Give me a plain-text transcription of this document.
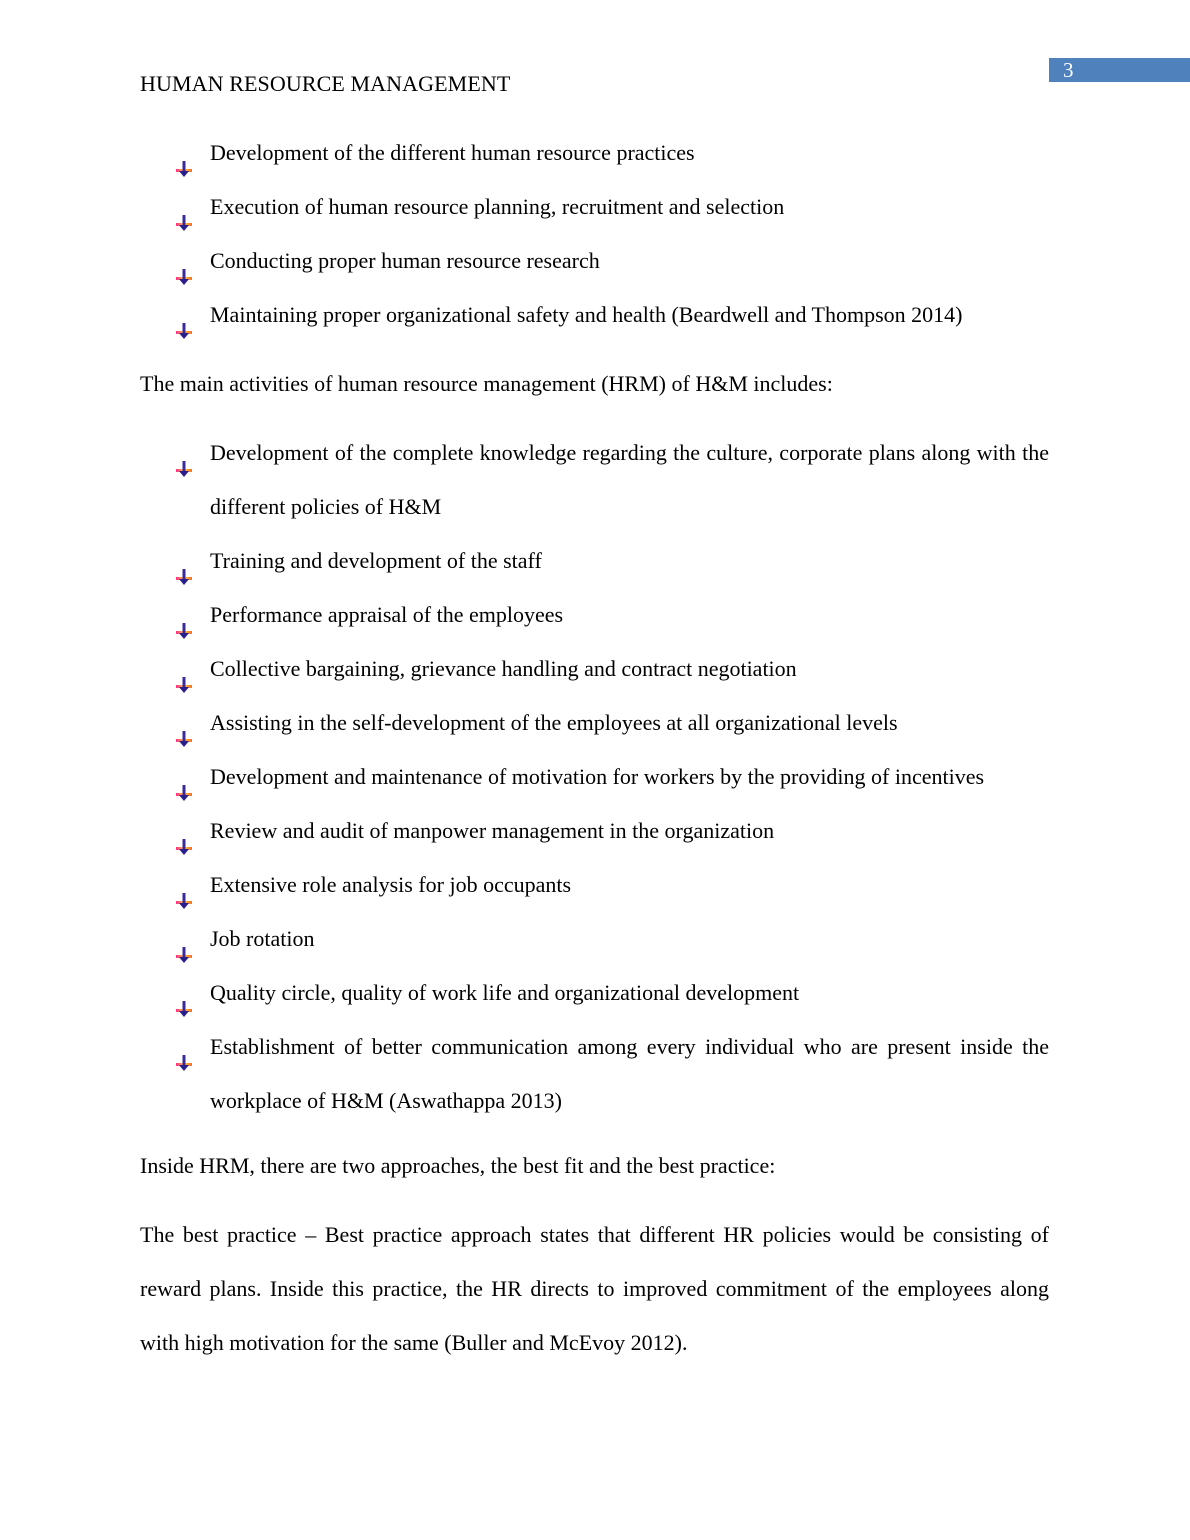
3
HUMAN RESOURCE MANAGEMENT
Development of the different human resource practices
Execution of human resource planning, recruitment and selection
Conducting proper human resource research
Maintaining proper organizational safety and health (Beardwell and Thompson 2014)

The main activities of human resource management (HRM) of H&M includes:

Development of the complete knowledge regarding the culture, corporate plans along with the different policies of H&M
Training and development of the staff
Performance appraisal of the employees
Collective bargaining, grievance handling and contract negotiation
Assisting in the self-development of the employees at all organizational levels
Development and maintenance of motivation for workers by the providing of incentives
Review and audit of manpower management in the organization
Extensive role analysis for job occupants
Job rotation
Quality circle, quality of work life and organizational development
Establishment of better communication among every individual who are present inside the workplace of H&M (Aswathappa 2013)

Inside HRM, there are two approaches, the best fit and the best practice:

The best practice – Best practice approach states that different HR policies would be consisting of reward plans. Inside this practice, the HR directs to improved commitment of the employees along with high motivation for the same (Buller and McEvoy 2012).
